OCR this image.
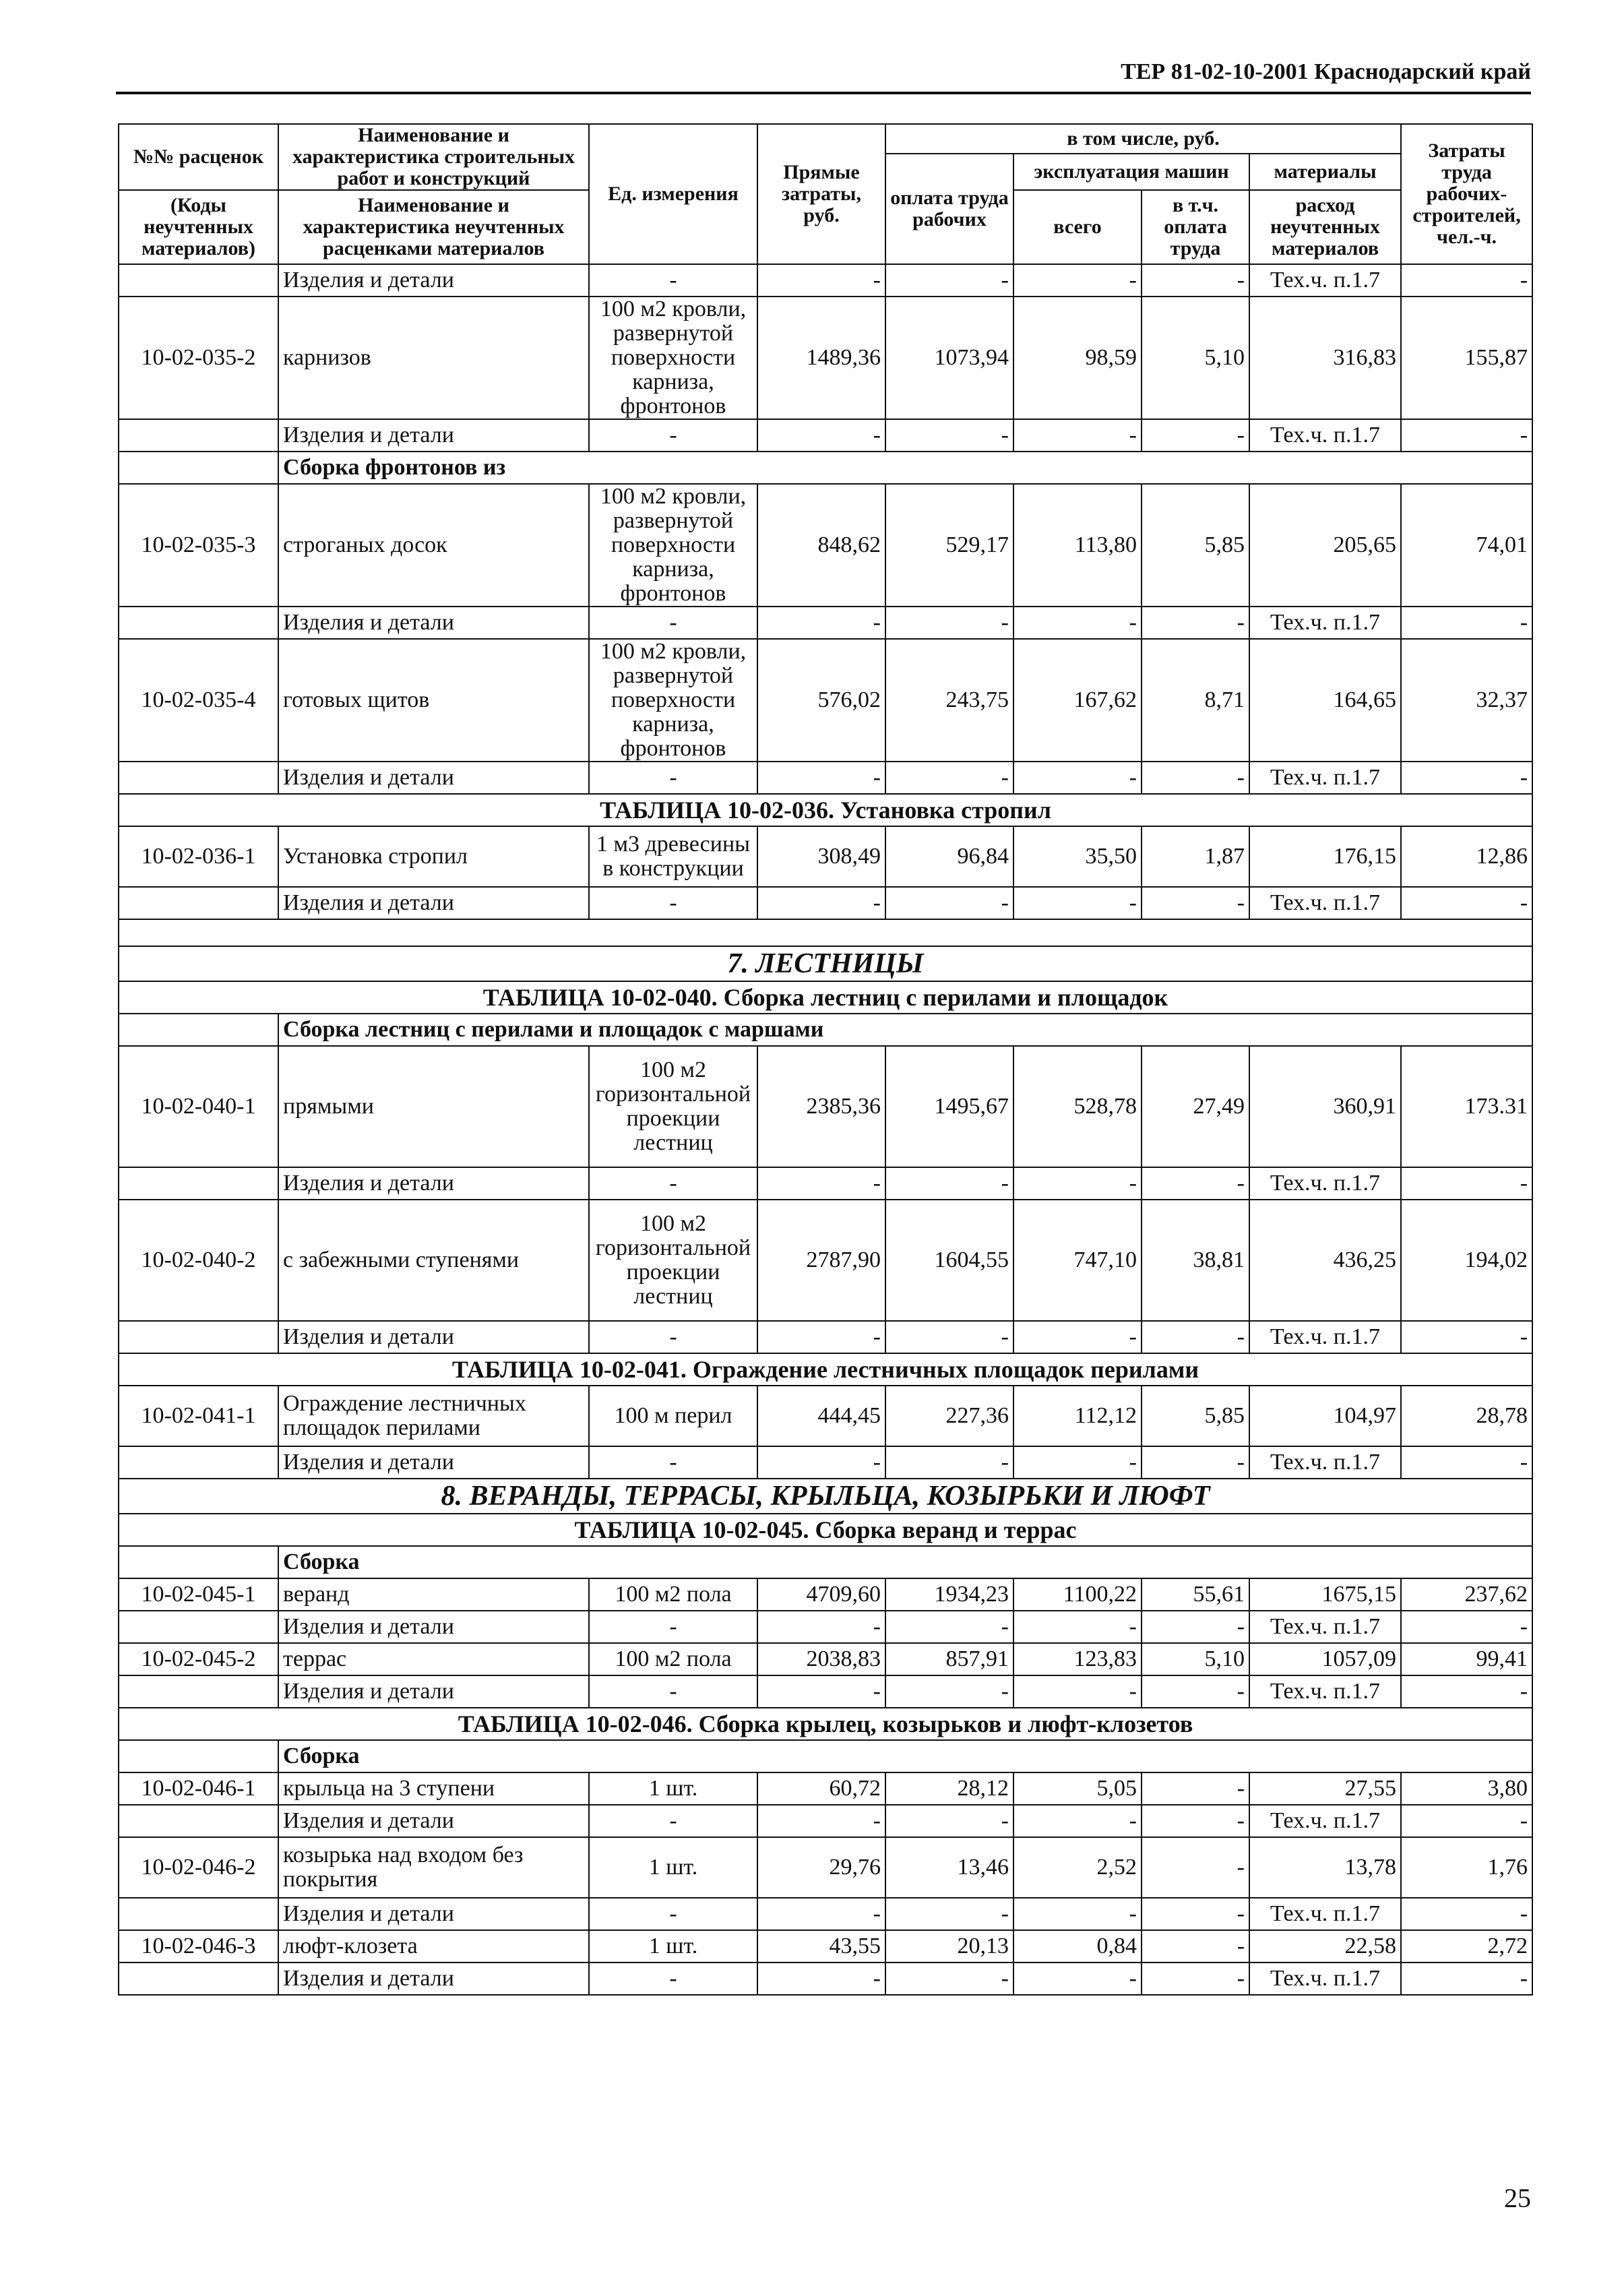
ТЕР 81-02-10-2001 Краснодарский край
№№ расценок	Наименование и характеристика строительных работ и конструкций	Ед. измерения	Прямые затраты, руб.	в том числе, руб.				Затраты труда рабочих-строителей, чел.-ч.
				оплата труда рабочих	эксплуатация машин		материалы	
(Коды неучтенных материалов)	Наименование и характеристика неучтенных расценками материалов				всего	в т.ч. оплата труда	расход неучтенных материалов	

	Изделия и детали	-	-	-	-	-	Тех.ч. п.1.7	-
10-02-035-2	карнизов	100 м2 кровли, развернутой поверхности карниза, фронтонов	1489,36	1073,94	98,59	5,10	316,83	155,87
	Изделия и детали	-	-	-	-	-	Тех.ч. п.1.7	-
	Сборка фронтонов из							
10-02-035-3	строганых досок	100 м2 кровли, развернутой поверхности карниза, фронтонов	848,62	529,17	113,80	5,85	205,65	74,01
	Изделия и детали	-	-	-	-	-	Тех.ч. п.1.7	-
10-02-035-4	готовых щитов	100 м2 кровли, развернутой поверхности карниза, фронтонов	576,02	243,75	167,62	8,71	164,65	32,37
	Изделия и детали	-	-	-	-	-	Тех.ч. п.1.7	-
ТАБЛИЦА 10-02-036. Установка стропил								
10-02-036-1	Установка стропил	1 м3 древесины в конструкции	308,49	96,84	35,50	1,87	176,15	12,86
	Изделия и детали	-	-	-	-	-	Тех.ч. п.1.7	-

7. ЛЕСТНИЦЫ								
ТАБЛИЦА 10-02-040. Сборка лестниц с перилами и площадок								
	Сборка лестниц с перилами и площадок с маршами							
10-02-040-1	прямыми	100 м2 горизонтальной проекции лестниц	2385,36	1495,67	528,78	27,49	360,91	173.31
	Изделия и детали	-	-	-	-	-	Тех.ч. п.1.7	-
10-02-040-2	с забежными ступенями	100 м2 горизонтальной проекции лестниц	2787,90	1604,55	747,10	38,81	436,25	194,02
	Изделия и детали	-	-	-	-	-	Тех.ч. п.1.7	-
ТАБЛИЦА 10-02-041. Ограждение лестничных площадок перилами								
10-02-041-1	Ограждение лестничных площадок перилами	100 м перил	444,45	227,36	112,12	5,85	104,97	28,78
	Изделия и детали	-	-	-	-	-	Тех.ч. п.1.7	-
8. ВЕРАНДЫ, ТЕРРАСЫ, КРЫЛЬЦА, КОЗЫРЬКИ И ЛЮФТ								
ТАБЛИЦА 10-02-045. Сборка веранд и террас								
	Сборка							
10-02-045-1	веранд	100 м2 пола	4709,60	1934,23	1100,22	55,61	1675,15	237,62
	Изделия и детали	-	-	-	-	-	Тех.ч. п.1.7	-
10-02-045-2	террас	100 м2 пола	2038,83	857,91	123,83	5,10	1057,09	99,41
	Изделия и детали	-	-	-	-	-	Тех.ч. п.1.7	-
ТАБЛИЦА 10-02-046. Сборка крылец, козырьков и люфт-клозетов								
	Сборка							
10-02-046-1	крыльца на 3 ступени	1 шт.	60,72	28,12	5,05	-	27,55	3,80
	Изделия и детали	-	-	-	-	-	Тех.ч. п.1.7	-
10-02-046-2	козырька над входом без покрытия	1 шт.	29,76	13,46	2,52	-	13,78	1,76
	Изделия и детали	-	-	-	-	-	Тех.ч. п.1.7	-
10-02-046-3	люфт-клозета	1 шт.	43,55	20,13	0,84	-	22,58	2,72
	Изделия и детали	-	-	-	-	-	Тех.ч. п.1.7	-
25
